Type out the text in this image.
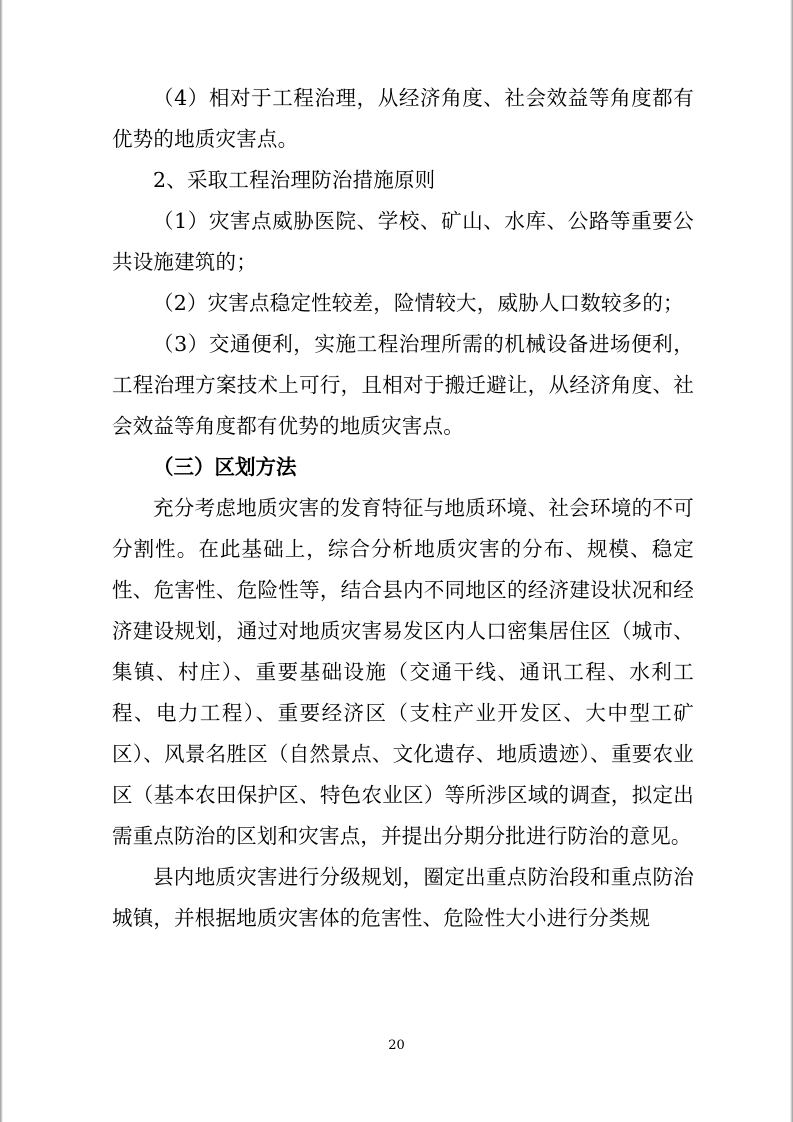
（4）相对于工程治理，从经济角度、社会效益等角度都有优势的地质灾害点。

2、采取工程治理防治措施原则

（1）灾害点威胁医院、学校、矿山、水库、公路等重要公共设施建筑的；

（2）灾害点稳定性较差，险情较大，威胁人口数较多的；

（3）交通便利，实施工程治理所需的机械设备进场便利，工程治理方案技术上可行，且相对于搬迁避让，从经济角度、社会效益等角度都有优势的地质灾害点。

（三）区划方法

充分考虑地质灾害的发育特征与地质环境、社会环境的不可分割性。在此基础上，综合分析地质灾害的分布、规模、稳定性、危害性、危险性等，结合县内不同地区的经济建设状况和经济建设规划，通过对地质灾害易发区内人口密集居住区（城市、集镇、村庄）、重要基础设施（交通干线、通讯工程、水利工程、电力工程）、重要经济区（支柱产业开发区、大中型工矿区）、风景名胜区（自然景点、文化遗存、地质遗迹）、重要农业区（基本农田保护区、特色农业区）等所涉区域的调查，拟定出需重点防治的区划和灾害点，并提出分期分批进行防治的意见。

县内地质灾害进行分级规划，圈定出重点防治段和重点防治城镇，并根据地质灾害体的危害性、危险性大小进行分类规

20
